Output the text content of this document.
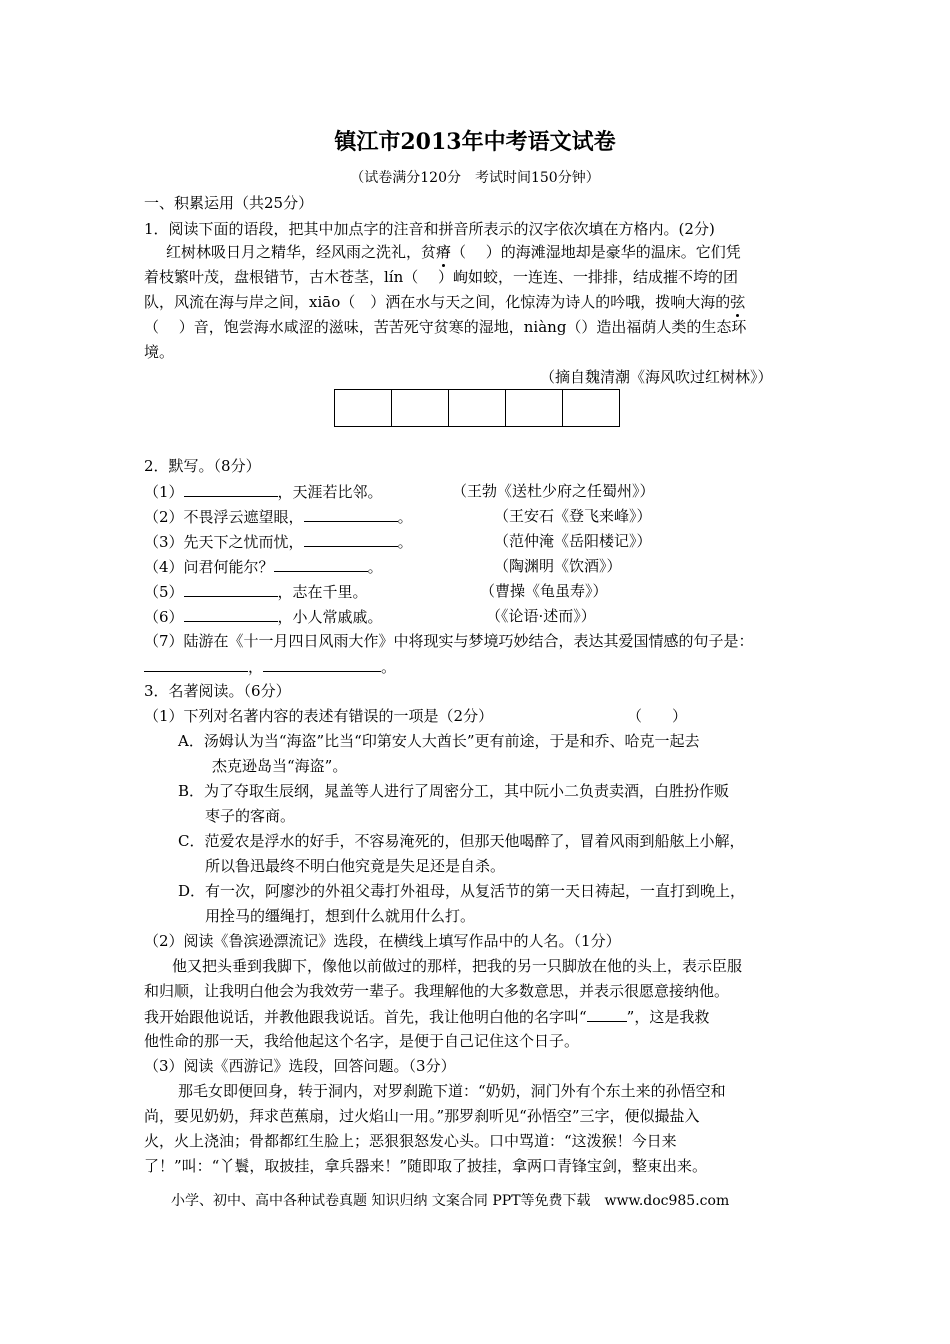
镇江市2013年中考语文试卷
（试卷满分120分　考试时间150分钟）
一、积累运用（共25分）
1．阅读下面的语段，把其中加点字的注音和拼音所表示的汉字依次填在方格内。(2分)
红树林吸日月之精华，经风雨之洗礼，贫瘠（　 ）的海滩湿地却是豪华的温床。它们凭
着枝繁叶茂，盘根错节，古木苍茎，lín（　 ）峋如蛟，一连连、一排排，结成摧不垮的团
队，风流在海与岸之间，xiāo（　）洒在水与天之间，化惊涛为诗人的吟哦，拨响大海的弦
（　 ）音，饱尝海水咸涩的滋味，苦苦死守贫寒的湿地，niàng（）造出福荫人类的生态环
境。
（摘自魏清潮《海风吹过红树林》）
2．默写。（8分）
（1）	，天涯若比邻。	（王勃《送杜少府之任蜀州》）
（2）不畏浮云遮望眼，	。	（王安石《登飞来峰》）
（3）先天下之忧而忧，	。	（范仲淹《岳阳楼记》）
（4）问君何能尔？	。	（陶渊明《饮酒》）
（5）	，志在千里。	（曹操《龟虽寿》）
（6）	，小人常戚戚。	（《论语·述而》）
（7）陆游在《十一月四日风雨大作》中将现实与梦境巧妙结合，表达其爱国情感的句子是：
，	。
3．名著阅读。（6分）
（1）下列对名著内容的表述有错误的一项是（2分）	（　　）
A．汤姆认为当“海盗”比当“印第安人大酋长”更有前途，于是和乔、哈克一起去
杰克逊岛当“海盗”。
B．为了夺取生辰纲，晁盖等人进行了周密分工，其中阮小二负责卖酒，白胜扮作贩
枣子的客商。
C．范爱农是浮水的好手，不容易淹死的，但那天他喝醉了，冒着风雨到船舷上小解，
所以鲁迅最终不明白他究竟是失足还是自杀。
D．有一次，阿廖沙的外祖父毒打外祖母，从复活节的第一天日祷起，一直打到晚上，
用拴马的缰绳打，想到什么就用什么打。
（2）阅读《鲁滨逊漂流记》选段，在横线上填写作品中的人名。（1分）
他又把头垂到我脚下，像他以前做过的那样，把我的另一只脚放在他的头上，表示臣服
和归顺，让我明白他会为我效劳一辈子。我理解他的大多数意思，并表示很愿意接纳他。
我开始跟他说话，并教他跟我说话。首先，我让他明白他的名字叫“	”，这是我救
他性命的那一天，我给他起这个名字，是便于自己记住这个日子。
（3）阅读《西游记》选段，回答问题。（3分）
那毛女即便回身，转于洞内，对罗刹跪下道：“奶奶，洞门外有个东土来的孙悟空和
尚，要见奶奶，拜求芭蕉扇，过火焰山一用。”那罗刹听见“孙悟空”三字，便似撮盐入
火，火上浇油；骨都都红生脸上；恶狠狠怒发心头。口中骂道：“这泼猴！今日来
了！”叫：“丫鬟，取披挂，拿兵器来！”随即取了披挂，拿两口青锋宝剑，整束出来。
小学、初中、高中各种试卷真题 知识归纳 文案合同 PPT等免费下载　www.doc985.com
